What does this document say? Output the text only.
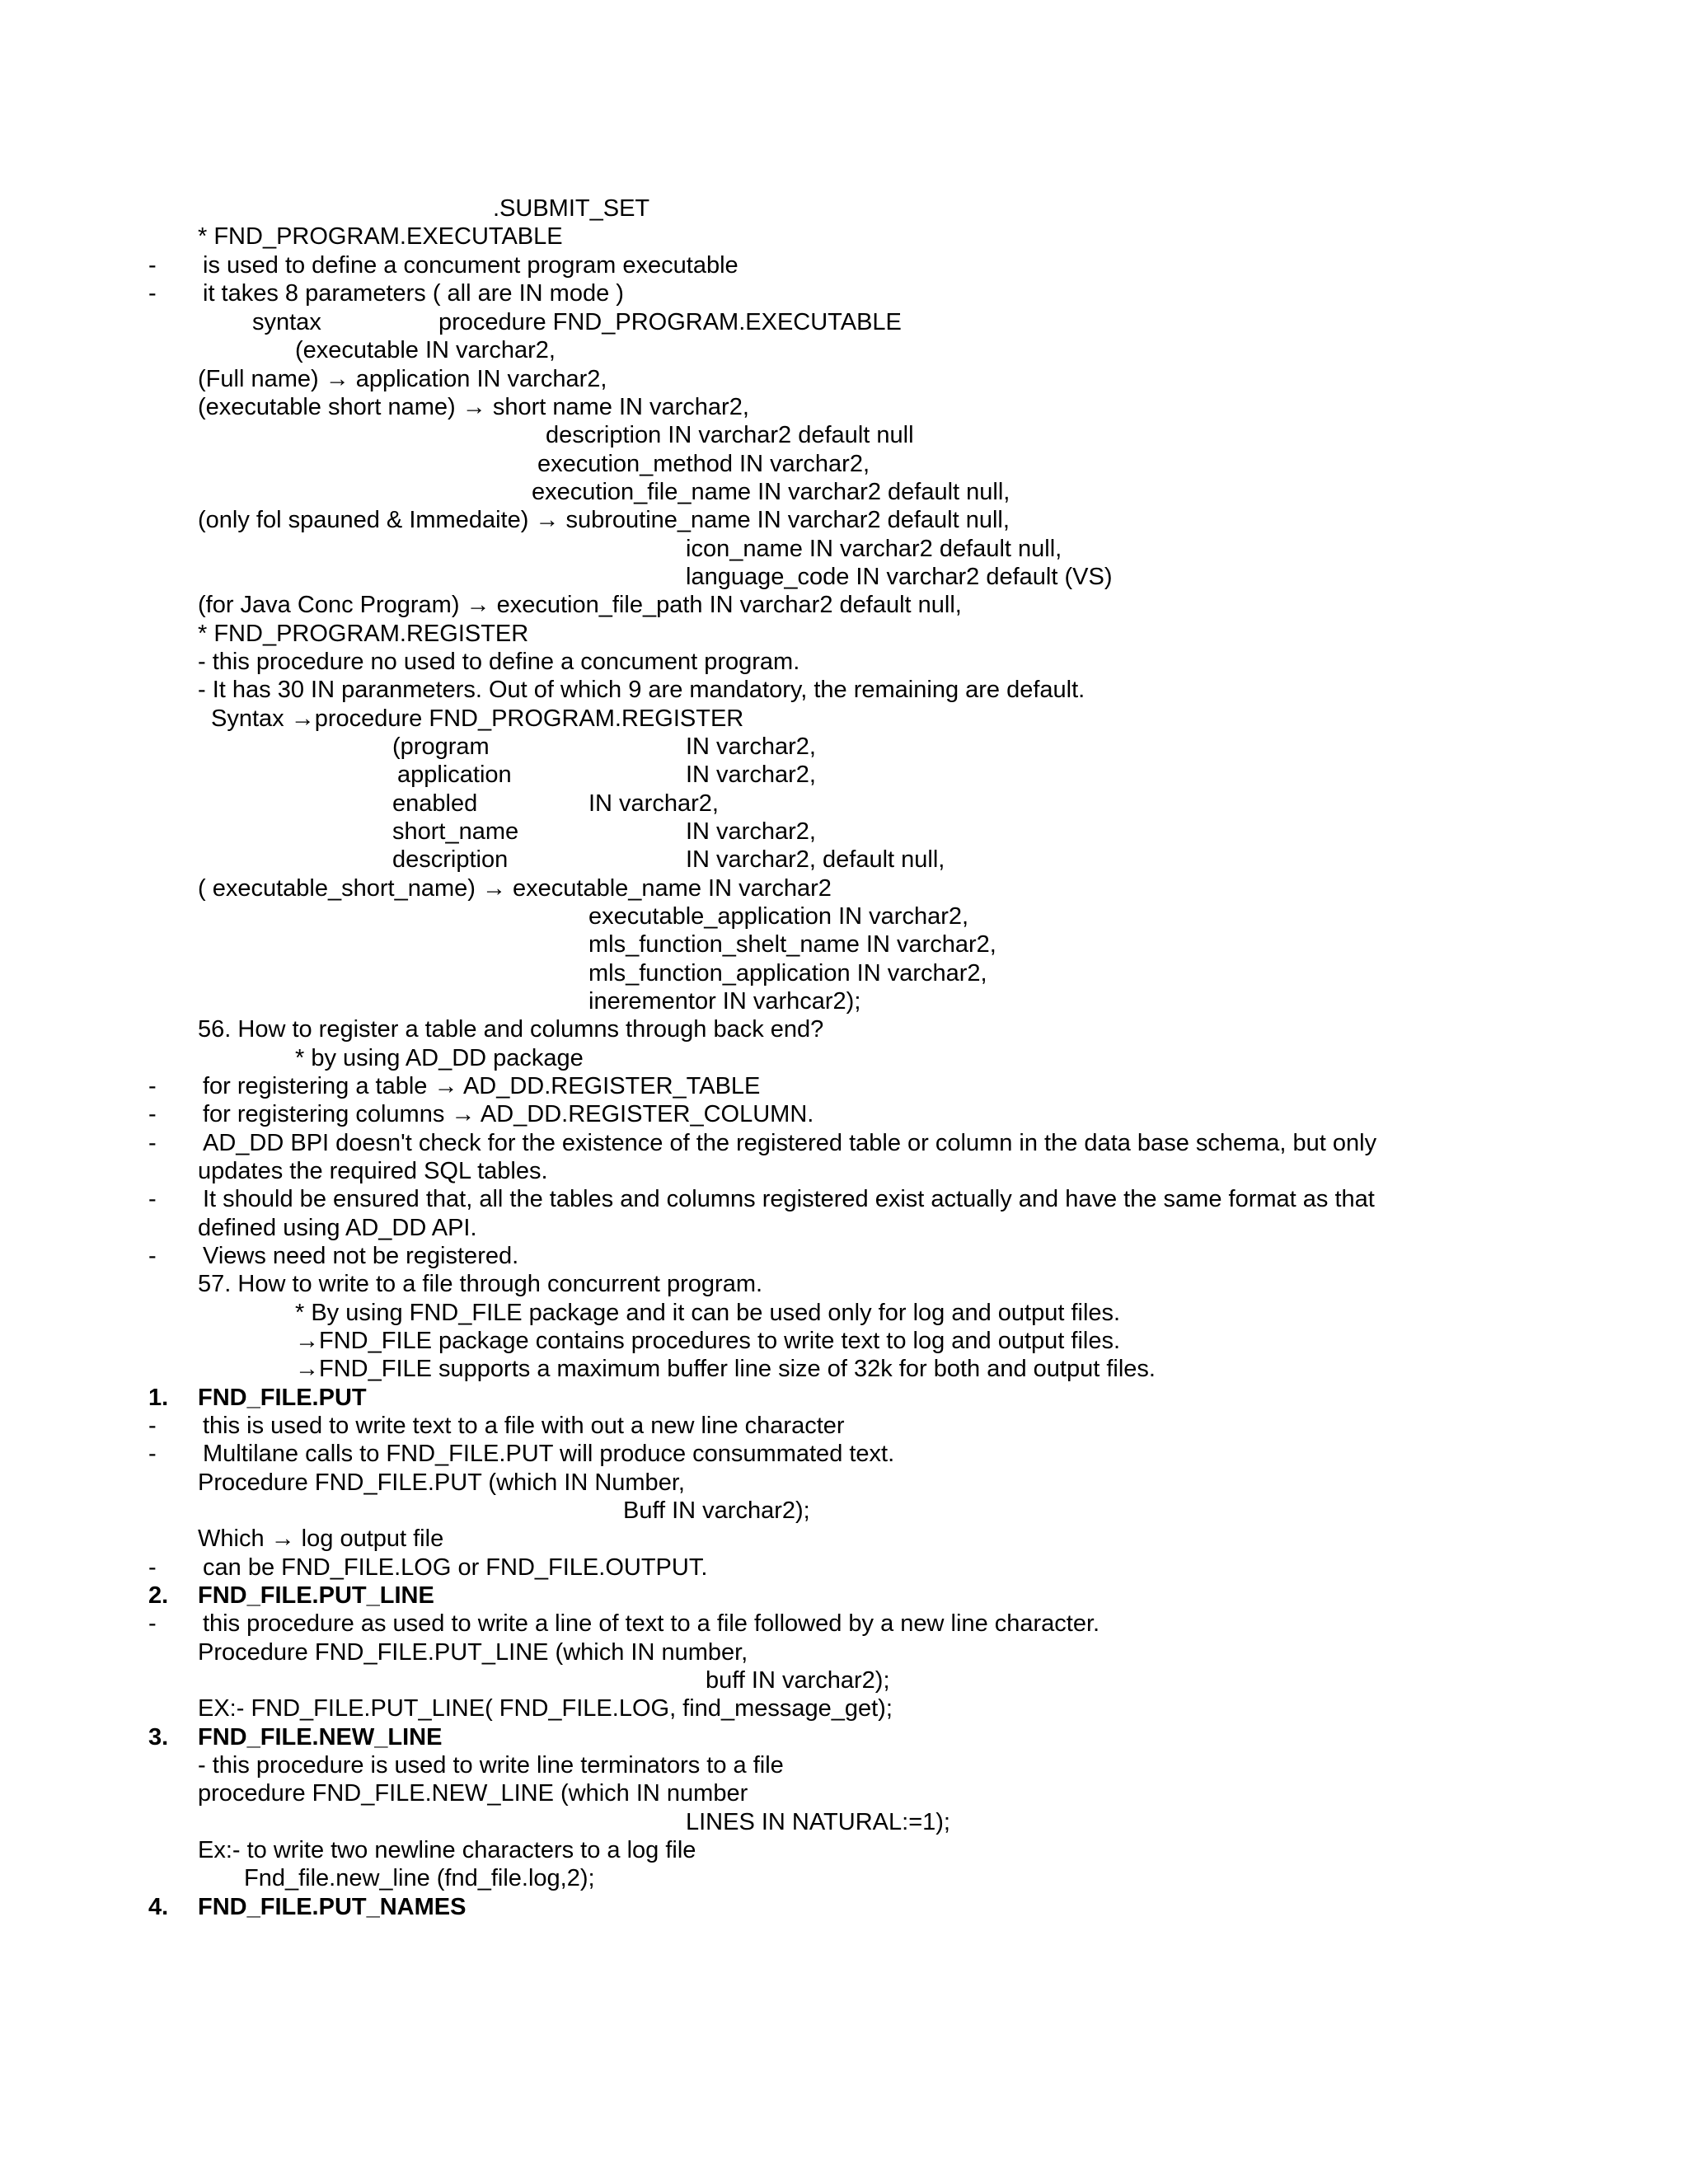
.SUBMIT_SET
* FND_PROGRAM.EXECUTABLE
- is used to define a concument program executable
- it takes 8 parameters ( all are IN mode )
syntax	procedure FND_PROGRAM.EXECUTABLE
(executable IN varchar2,
(Full name) → application IN varchar2,
(executable short name) → short name IN varchar2,
description IN varchar2 default null
execution_method IN varchar2,
execution_file_name IN varchar2 default null,
(only fol spauned & Immedaite) → subroutine_name IN varchar2 default null,
icon_name IN varchar2 default null,
language_code IN varchar2 default (VS)
(for Java Conc Program) → execution_file_path IN varchar2 default null,
* FND_PROGRAM.REGISTER
- this procedure no used to define a concument program.
- It has 30 IN paranmeters. Out of which 9 are mandatory, the remaining are default.
Syntax →procedure FND_PROGRAM.REGISTER
(program	IN varchar2,
application	IN varchar2,
enabled	IN varchar2,
short_name	IN varchar2,
description	IN varchar2, default null,
( executable_short_name) → executable_name IN varchar2
executable_application IN varchar2,
mls_function_shelt_name IN varchar2,
mls_function_application IN varchar2,
inerementor IN varhcar2);
56. How to register a table and columns through back end?
* by using AD_DD package
- for registering a table → AD_DD.REGISTER_TABLE
- for registering columns → AD_DD.REGISTER_COLUMN.
- AD_DD BPI doesn't check for the existence of the registered table or column in the data base schema, but only
updates the required SQL tables.
- It should be ensured that, all the tables and columns registered exist actually and have the same format as that
defined using AD_DD API.
- Views need not be registered.
57. How to write to a file through concurrent program.
* By using FND_FILE package and it can be used only for log and output files.
→FND_FILE package contains procedures to write text to log and output files.
→FND_FILE supports a maximum buffer line size of 32k for both and output files.
1. FND_FILE.PUT
- this is used to write text to a file with out a new line character
- Multilane calls to FND_FILE.PUT will produce consummated text.
Procedure FND_FILE.PUT (which IN Number,
Buff IN varchar2);
Which → log output file
- can be FND_FILE.LOG or FND_FILE.OUTPUT.
2. FND_FILE.PUT_LINE
- this procedure as used to write a line of text to a file followed by a new line character.
Procedure FND_FILE.PUT_LINE (which IN number,
buff IN varchar2);
EX:- FND_FILE.PUT_LINE( FND_FILE.LOG, find_message_get);
3. FND_FILE.NEW_LINE
- this procedure is used to write line terminators to a file
procedure FND_FILE.NEW_LINE (which IN number
LINES IN NATURAL:=1);
Ex:- to write two newline characters to a log file
Fnd_file.new_line (fnd_file.log,2);
4. FND_FILE.PUT_NAMES
